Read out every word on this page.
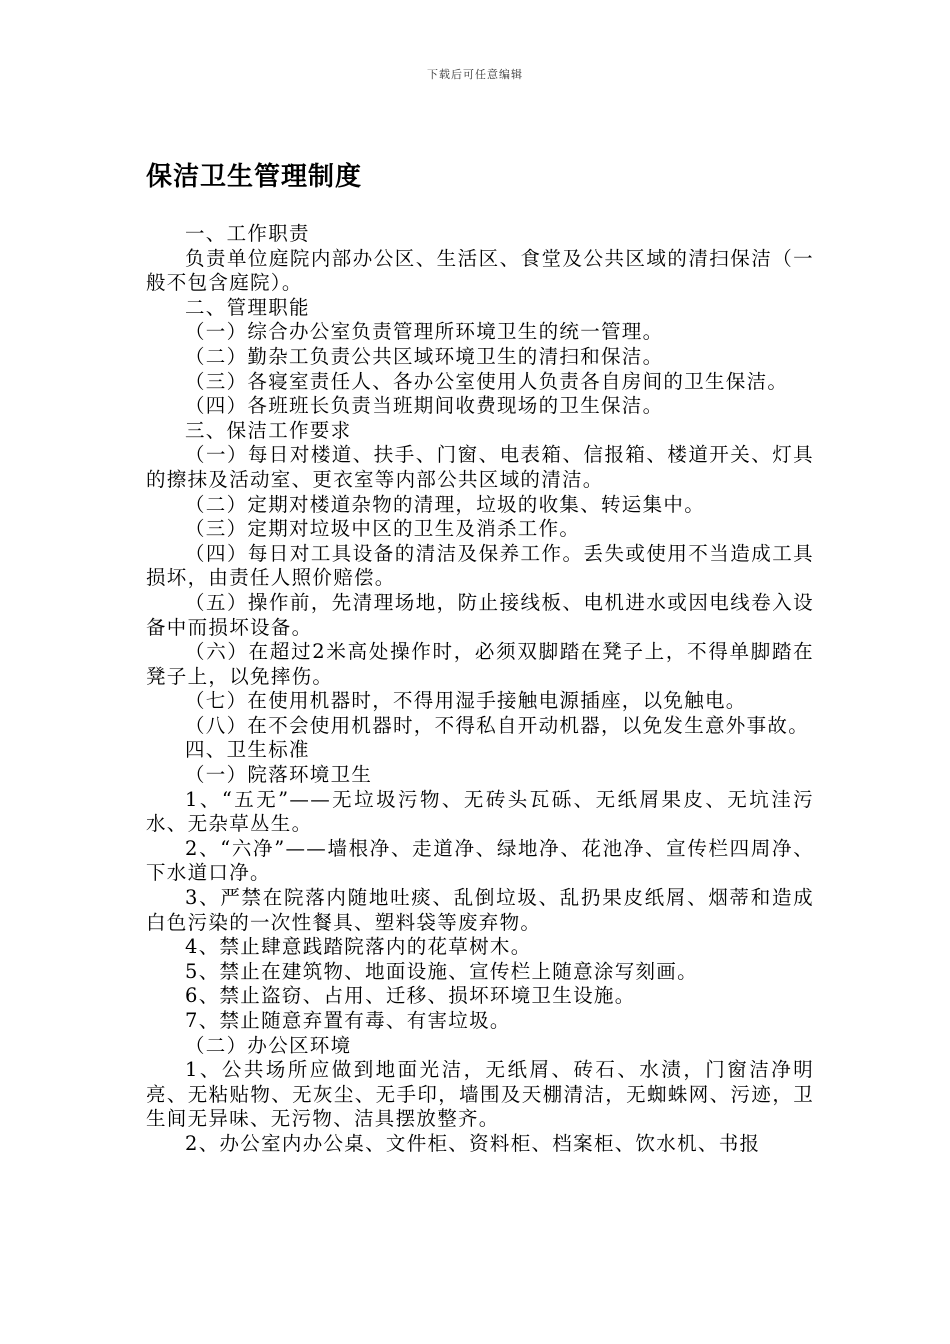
下载后可任意编辑
保洁卫生管理制度

一、工作职责

负责单位庭院内部办公区、生活区、食堂及公共区域的清扫保洁（一般不包含庭院）。

二、管理职能

（一）综合办公室负责管理所环境卫生的统一管理。

（二）勤杂工负责公共区域环境卫生的清扫和保洁。

（三）各寝室责任人、各办公室使用人负责各自房间的卫生保洁。

（四）各班班长负责当班期间收费现场的卫生保洁。

三、保洁工作要求

（一）每日对楼道、扶手、门窗、电表箱、信报箱、楼道开关、灯具的擦抹及活动室、更衣室等内部公共区域的清洁。

（二）定期对楼道杂物的清理，垃圾的收集、转运集中。

（三）定期对垃圾中区的卫生及消杀工作。

（四）每日对工具设备的清洁及保养工作。丢失或使用不当造成工具损坏，由责任人照价赔偿。

（五）操作前，先清理场地，防止接线板、电机进水或因电线卷入设备中而损坏设备。

（六）在超过2米高处操作时，必须双脚踏在凳子上，不得单脚踏在凳子上，以免摔伤。

（七）在使用机器时，不得用湿手接触电源插座，以免触电。

（八）在不会使用机器时，不得私自开动机器，以免发生意外事故。

四、卫生标准

（一）院落环境卫生

1、“五无”——无垃圾污物、无砖头瓦砾、无纸屑果皮、无坑洼污水、无杂草丛生。

2、“六净”——墙根净、走道净、绿地净、花池净、宣传栏四周净、下水道口净。

3、严禁在院落内随地吐痰、乱倒垃圾、乱扔果皮纸屑、烟蒂和造成白色污染的一次性餐具、塑料袋等废弃物。

4、禁止肆意践踏院落内的花草树木。

5、禁止在建筑物、地面设施、宣传栏上随意涂写刻画。

6、禁止盗窃、占用、迁移、损坏环境卫生设施。

7、禁止随意弃置有毒、有害垃圾。

（二）办公区环境

1、公共场所应做到地面光洁，无纸屑、砖石、水渍，门窗洁净明亮、无粘贴物、无灰尘、无手印，墙围及天棚清洁，无蜘蛛网、污迹，卫生间无异味、无污物、洁具摆放整齐。

2、办公室内办公桌、文件柜、资料柜、档案柜、饮水机、书报
